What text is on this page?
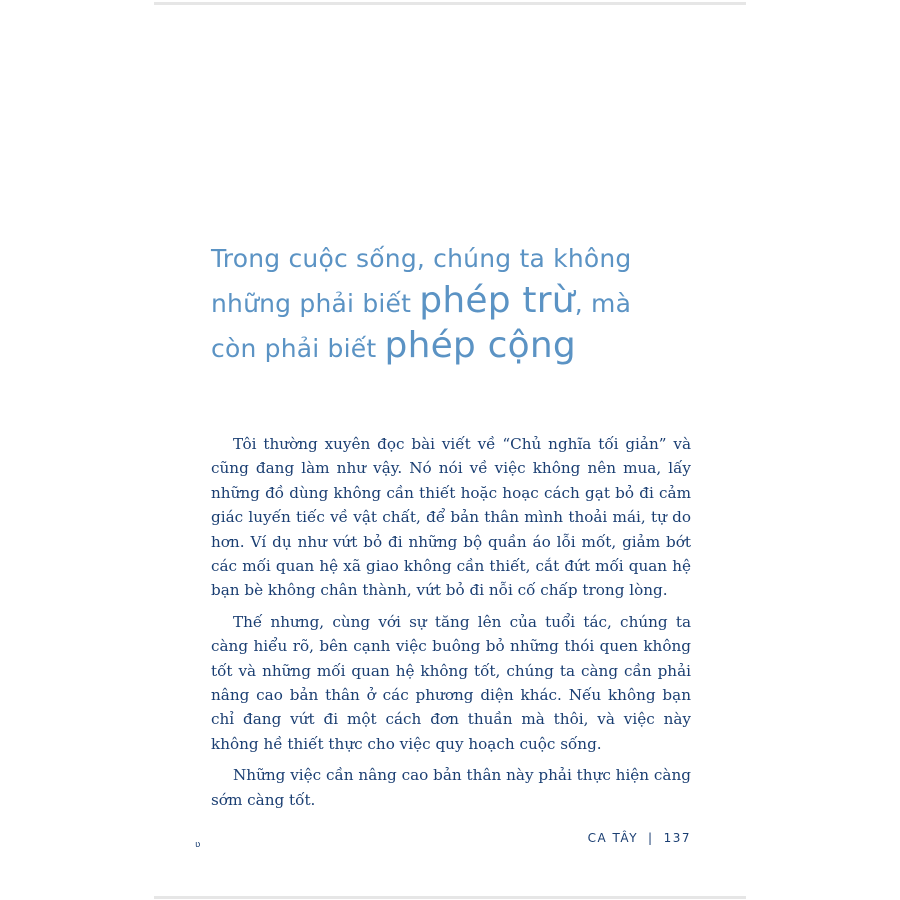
Trong cuộc sống, chúng ta không
những phải biết phép trừ, mà
còn phải biết phép cộng

Tôi thường xuyên đọc bài viết về “Chủ nghĩa tối giản” và cũng đang làm như vậy. Nó nói về việc không nên mua, lấy những đồ dùng không cần thiết hoặc hoạc cách gạt bỏ đi cảm giác luyến tiếc về vật chất, để bản thân mình thoải mái, tự do hơn. Ví dụ như vứt bỏ đi những bộ quần áo lỗi mốt, giảm bớt các mối quan hệ xã giao không cần thiết, cắt đứt mối quan hệ bạn bè không chân thành, vứt bỏ đi nỗi cố chấp trong lòng.

Thế nhưng, cùng với sự tăng lên của tuổi tác, chúng ta càng hiểu rõ, bên cạnh việc buông bỏ những thói quen không tốt và những mối quan hệ không tốt, chúng ta càng cần phải nâng cao bản thân ở các phương diện khác. Nếu không bạn chỉ đang vứt đi một cách đơn thuần mà thôi, và việc này không hề thiết thực cho việc quy hoạch cuộc sống.

Những việc cần nâng cao bản thân này phải thực hiện càng sớm càng tốt.

ʋ	CA TÂY | 137
